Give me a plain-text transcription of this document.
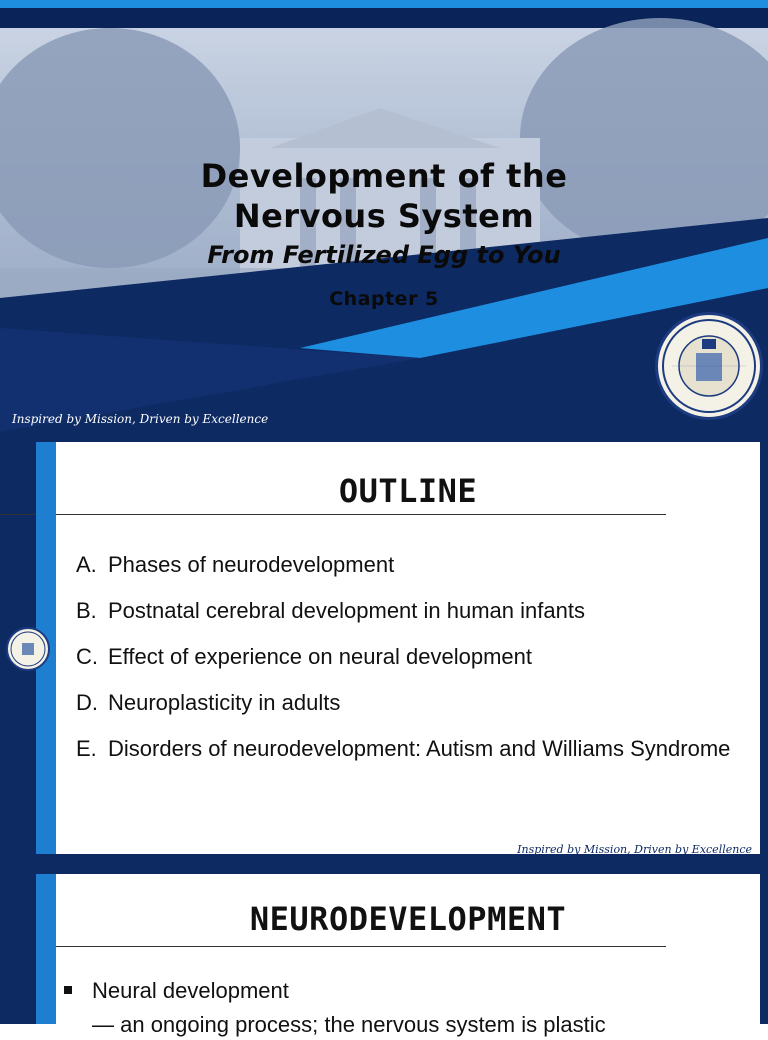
Development of the
Nervous System
From Fertilized Egg to You
Chapter 5
Inspired by Mission, Driven by Excellence
OUTLINE
A. Phases of neurodevelopment
B. Postnatal cerebral development in human infants
C. Effect of experience on neural development
D. Neuroplasticity in adults
E. Disorders of neurodevelopment: Autism and Williams Syndrome
Inspired by Mission, Driven by Excellence
NEURODEVELOPMENT
Neural development
— an ongoing process; the nervous system is plastic
